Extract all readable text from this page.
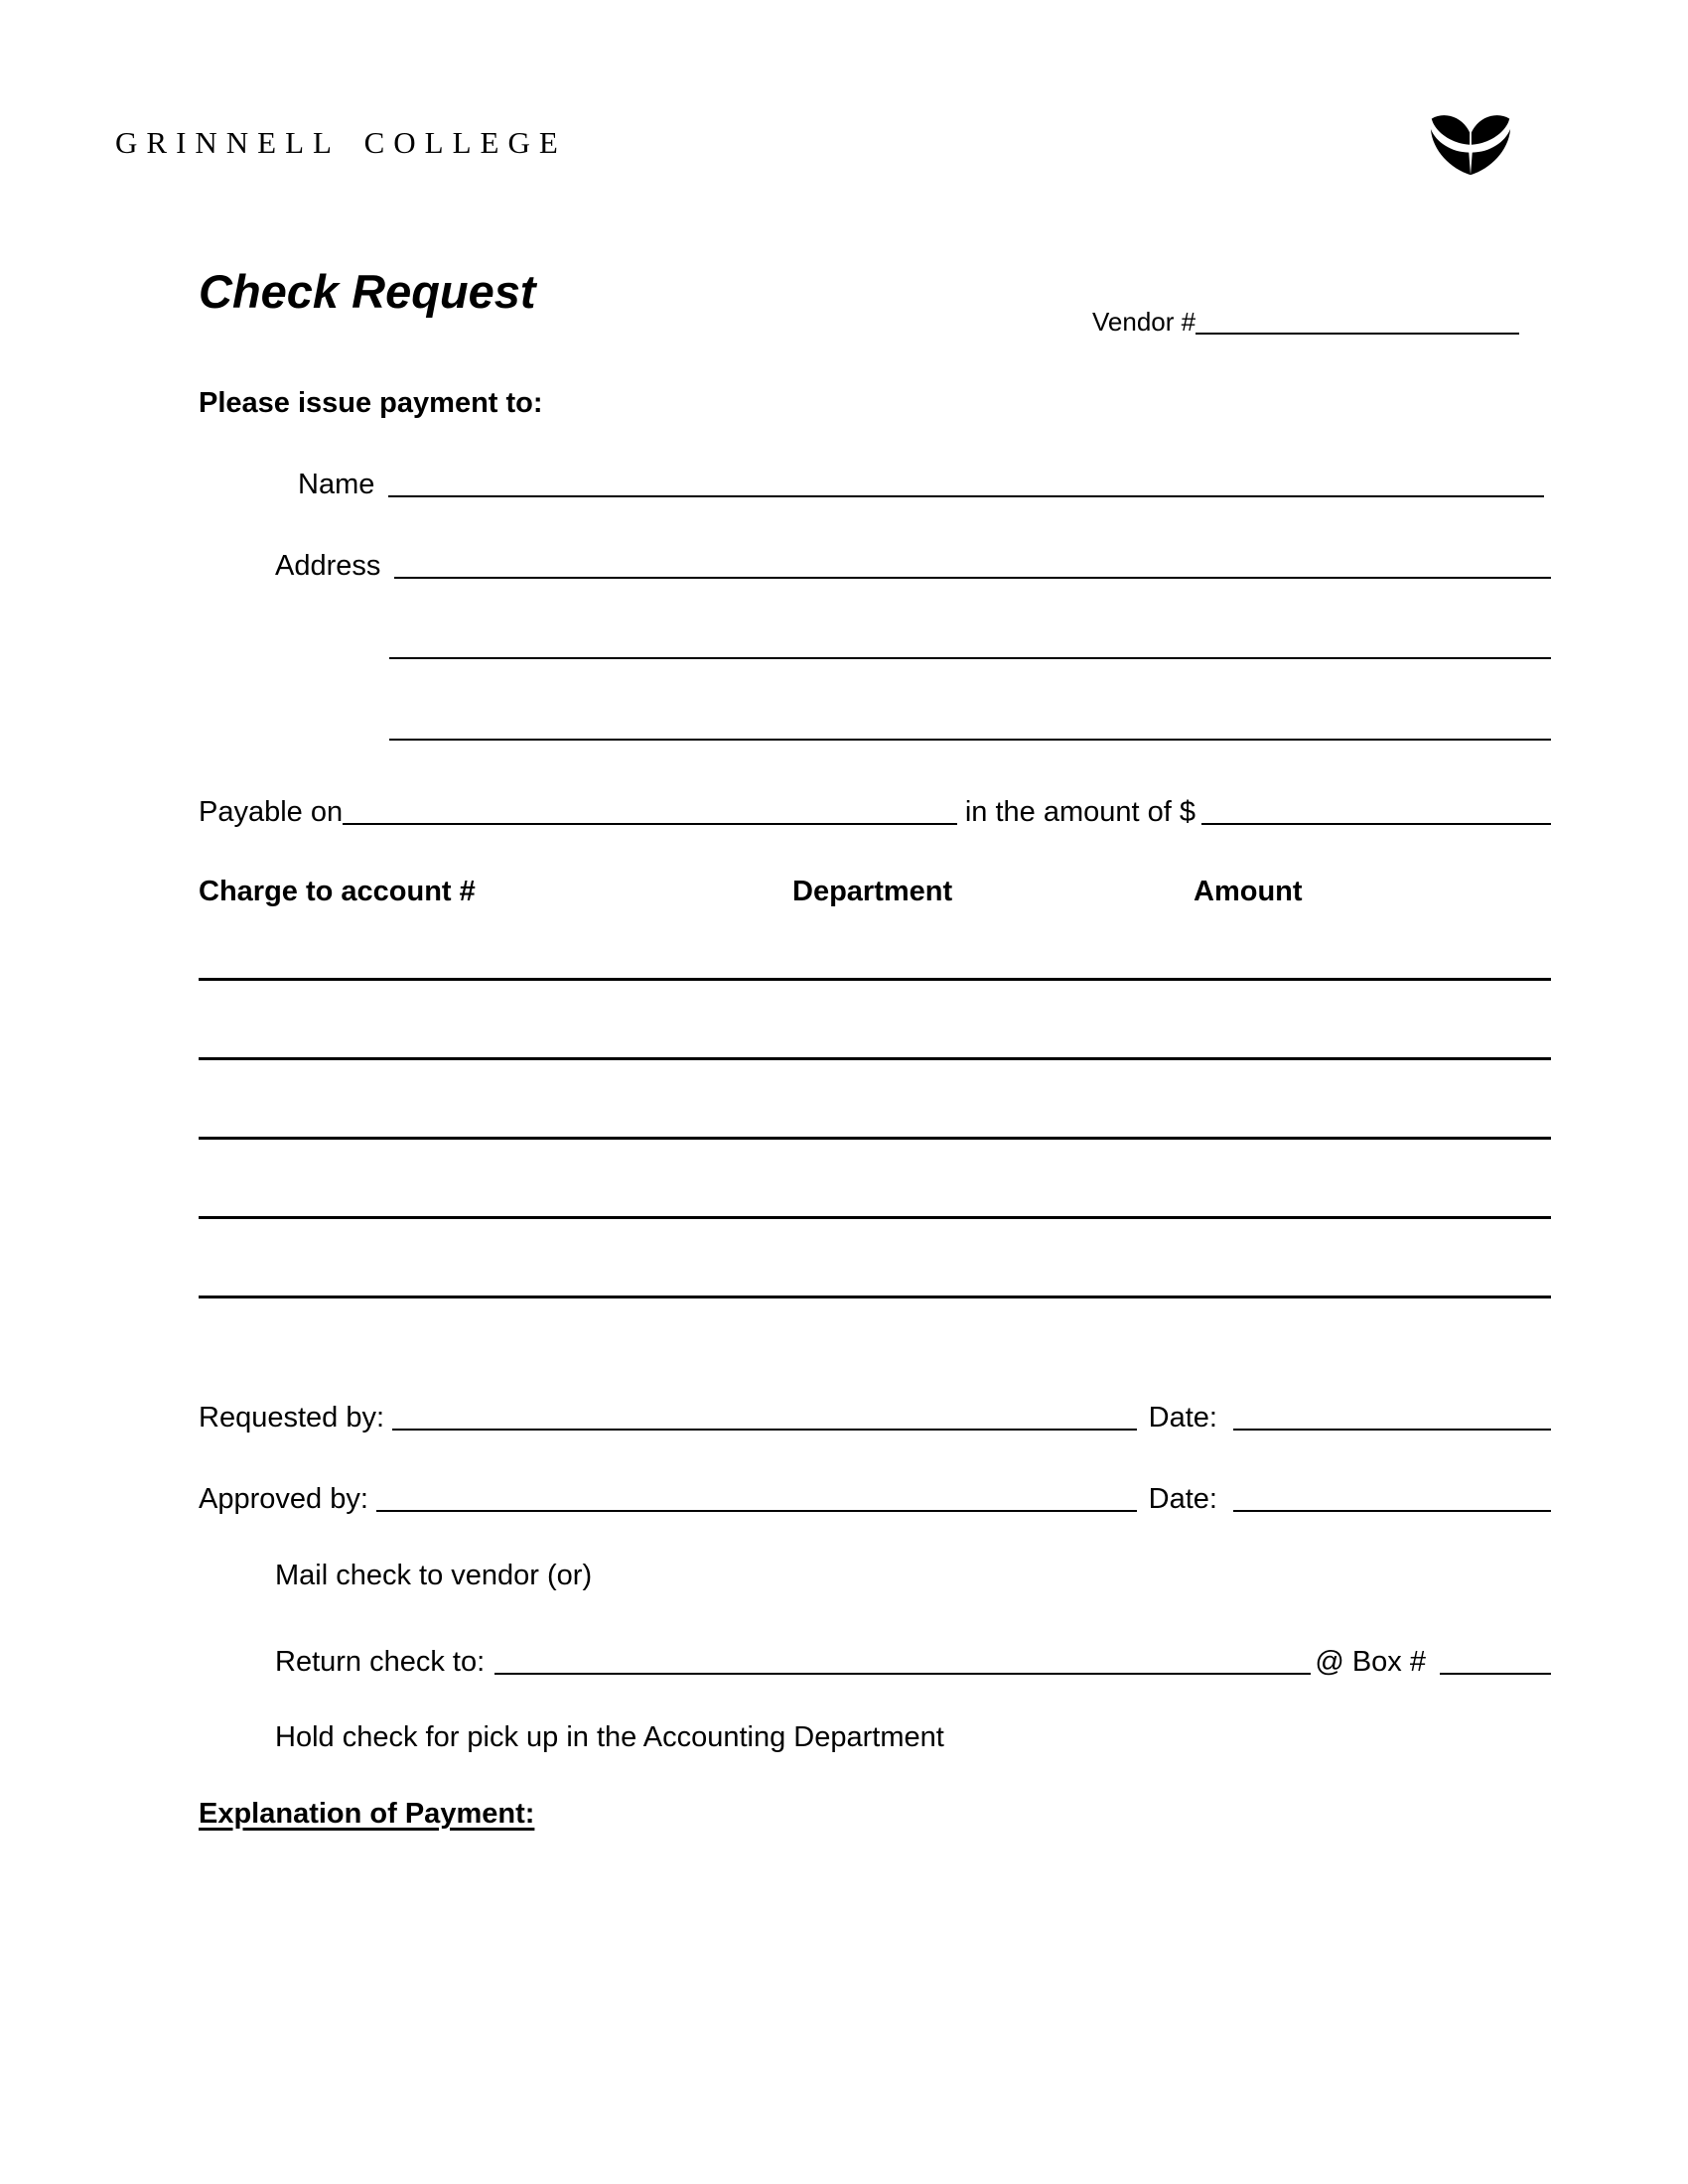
GRINNELL COLLEGE
Check Request
Vendor #
Please issue payment to:
Name
Address
Payable on	in the amount of $
Charge to account #	Department	Amount
Requested by:	Date:
Approved by:	Date:
Mail check to vendor (or)
Return check to:	@ Box #
Hold check for pick up in the Accounting Department
Explanation of Payment:
